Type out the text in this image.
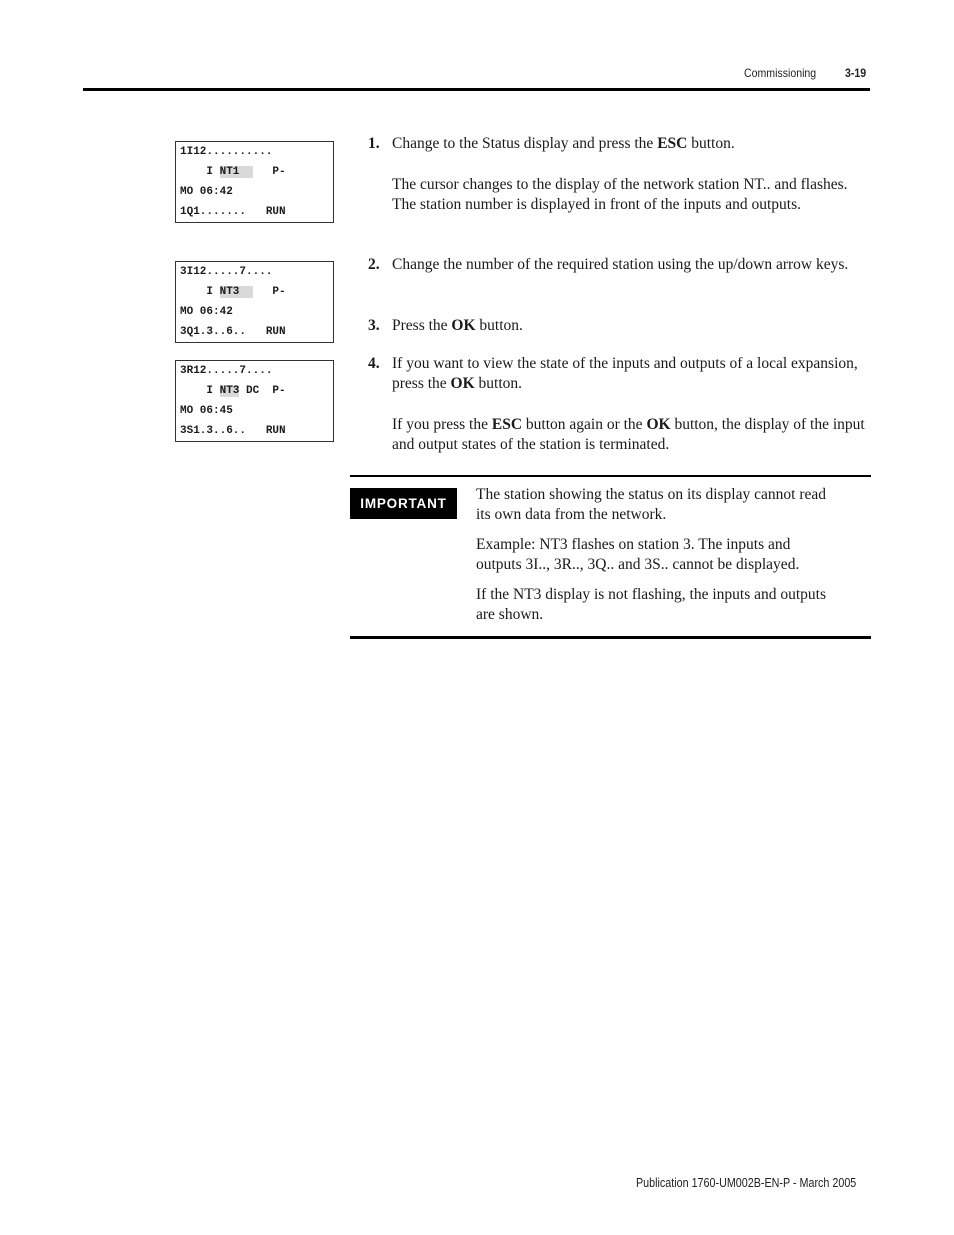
Commissioning 3-19
1I12..........
I NT1     P-
MO 06:42
1Q1.......   RUN
3I12.....7....
I NT3     P-
MO 06:42
3Q1.3..6..   RUN
3R12.....7....
I NT3 DC  P-
MO 06:45
3S1.3..6..   RUN
1. Change to the Status display and press the ESC button.
The cursor changes to the display of the network station NT.. and flashes. The station number is displayed in front of the inputs and outputs.
2. Change the number of the required station using the up/down arrow keys.
3. Press the OK button.
4. If you want to view the state of the inputs and outputs of a local expansion, press the OK button.
If you press the ESC button again or the OK button, the display of the input and output states of the station is terminated.
IMPORTANT
The station showing the status on its display cannot read its own data from the network.
Example: NT3 flashes on station 3. The inputs and outputs 3I.., 3R.., 3Q.. and 3S.. cannot be displayed.
If the NT3 display is not flashing, the inputs and outputs are shown.
Publication 1760-UM002B-EN-P - March 2005
